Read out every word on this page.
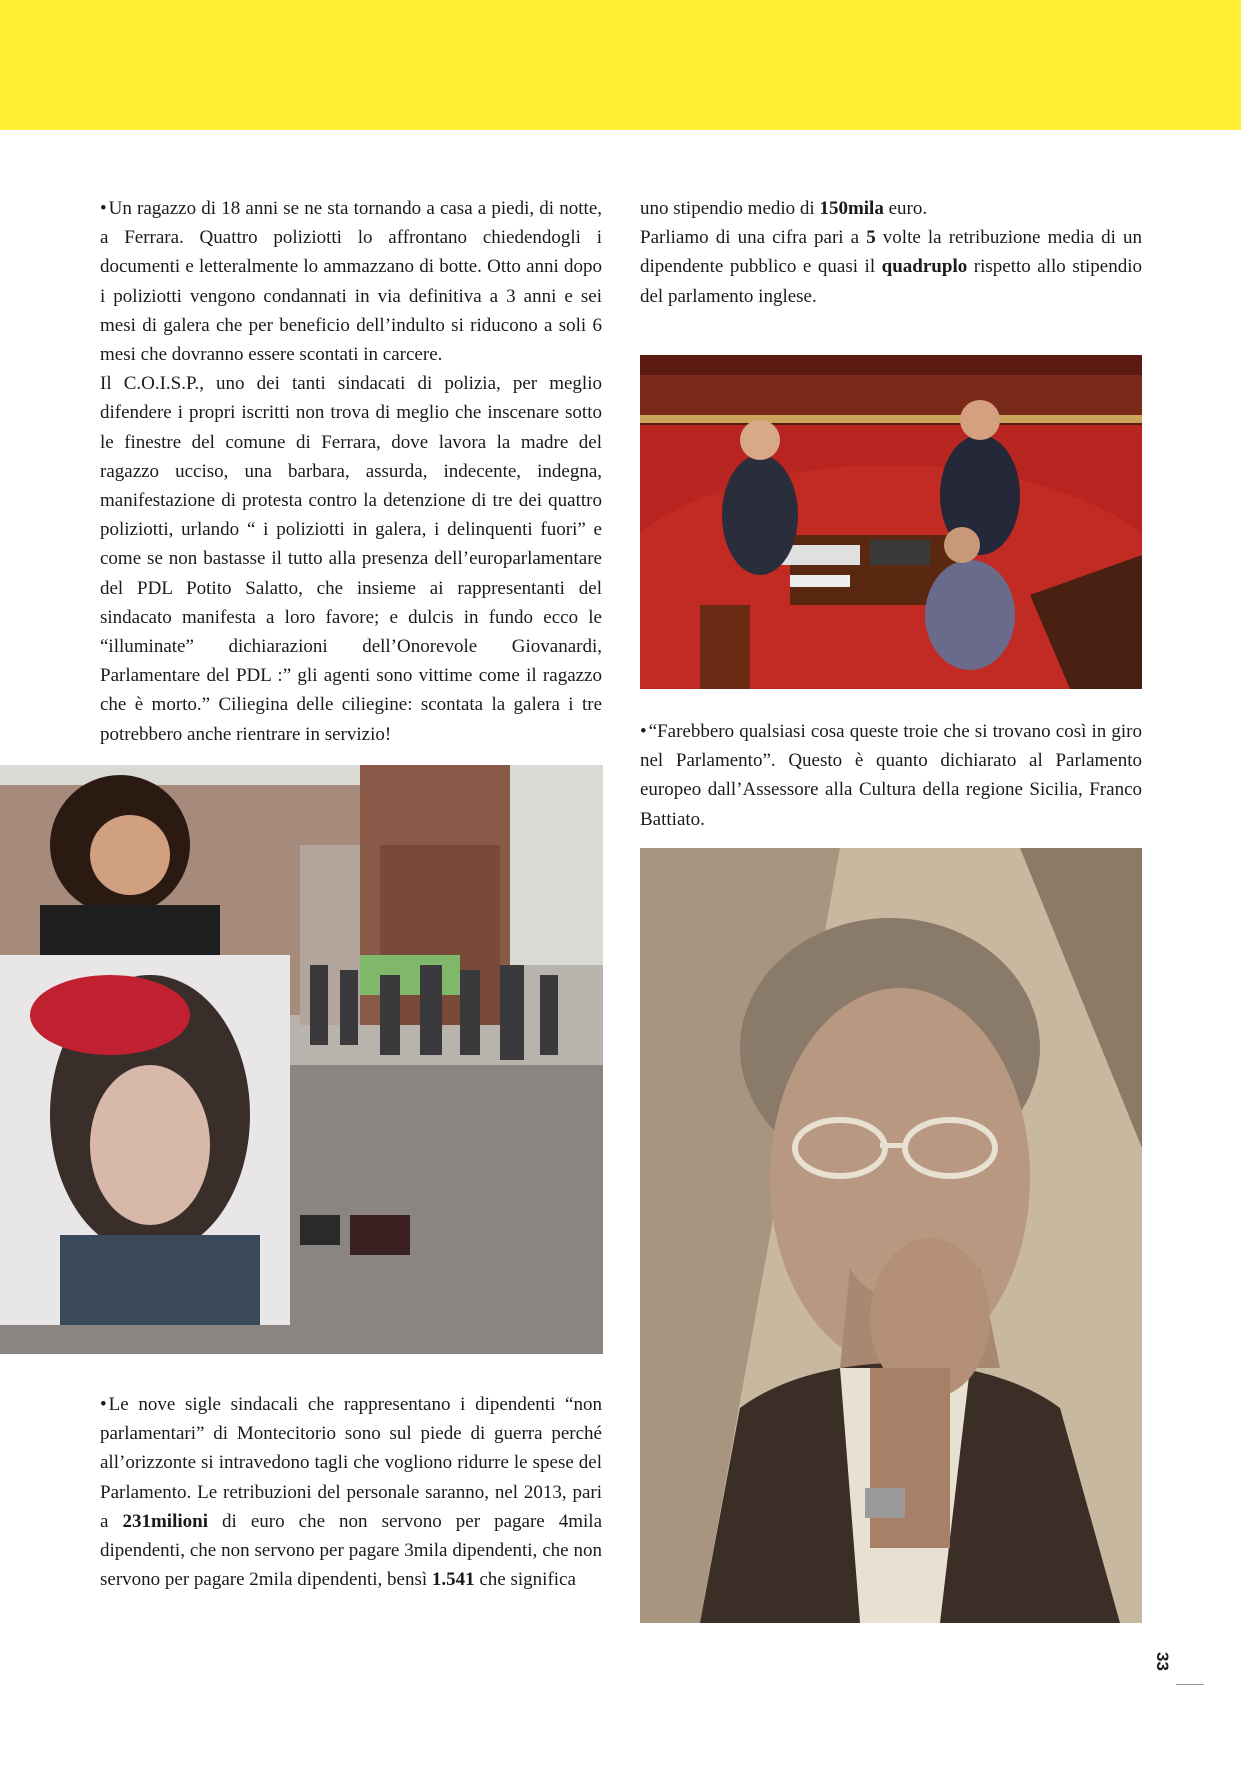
• Un ragazzo di 18 anni se ne sta tornando a casa a piedi, di notte, a Ferrara. Quattro poliziotti lo affrontano chiedendogli i documenti e letteralmente lo ammazzano di botte. Otto anni dopo i poliziotti vengono condannati in via definitiva a 3 anni e sei mesi di galera che per beneficio dell’indulto si riducono a soli 6 mesi che dovranno essere scontati in carcere.

Il C.O.I.S.P., uno dei tanti sindacati di polizia, per meglio difendere i propri iscritti non trova di meglio che inscenare sotto le finestre del comune di Ferrara, dove lavora la madre del ragazzo ucciso, una barbara, assurda, indecente, indegna, manifestazione di protesta contro la detenzione di tre dei quattro poliziotti, urlando “ i poliziotti in galera, i delinquenti fuori” e come se non bastasse il tutto alla presenza dell’europarlamentare del PDL Potito Salatto, che insieme ai rappresentanti del sindacato manifesta a loro favore; e dulcis in fundo ecco le “illuminate” dichiarazioni dell’Onorevole Giovanardi, Parlamentare del PDL :” gli agenti sono vittime come il ragazzo che è morto.” Ciliegina delle ciliegine: scontata la galera i tre potrebbero anche rientrare in servizio!

uno stipendio medio di 150mila euro.

Parliamo di una cifra pari a 5 volte la retribuzione media di un dipendente pubblico e quasi il quadruplo rispetto allo stipendio del parlamento inglese.

• “Farebbero qualsiasi cosa queste troie che si trovano così in giro nel Parlamento”. Questo è quanto dichiarato al Parlamento europeo dall’Assessore alla Cultura della regione Sicilia, Franco Battiato.

• Le nove sigle sindacali che rappresentano i dipendenti “non parlamentari” di Montecitorio sono sul piede di guerra perché all’orizzonte si intravedono tagli che vogliono ridurre le spese del Parlamento. Le retribuzioni del personale saranno, nel 2013, pari a 231milioni di euro che non servono per pagare 4mila dipendenti, che non servono per pagare 3mila dipendenti, che non servono per pagare 2mila dipendenti, bensì 1.541 che significa

33
